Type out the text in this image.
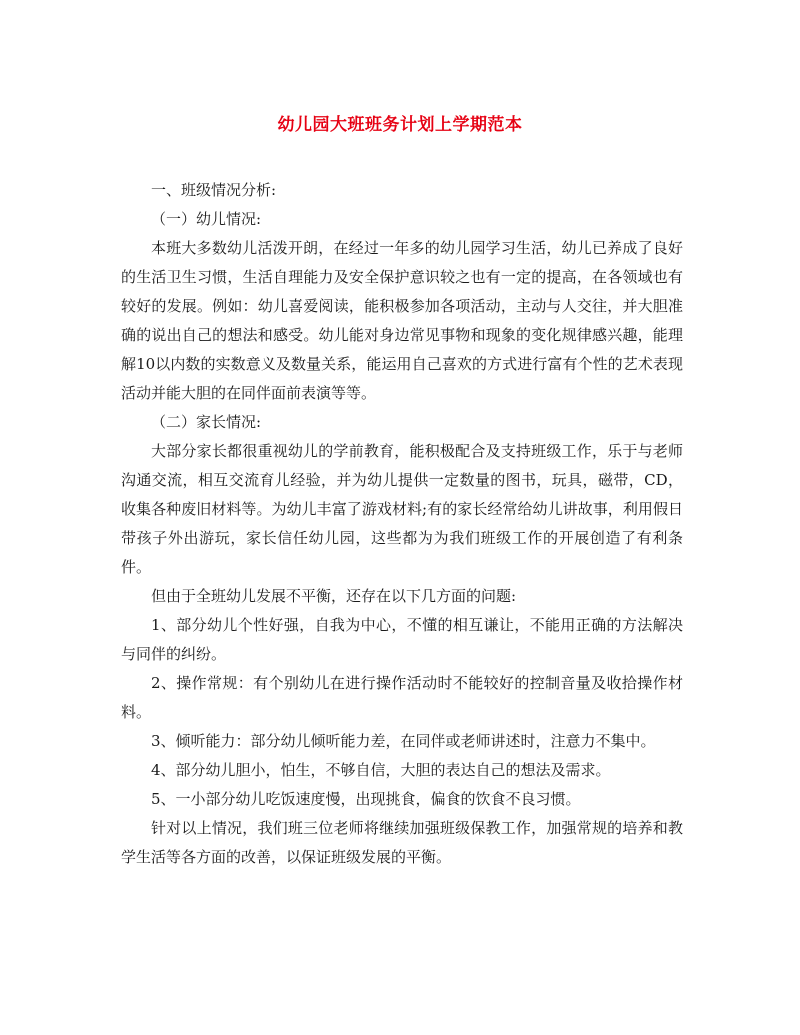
幼儿园大班班务计划上学期范本

一、班级情况分析:

（一）幼儿情况:

本班大多数幼儿活泼开朗，在经过一年多的幼儿园学习生活，幼儿已养成了良好的生活卫生习惯，生活自理能力及安全保护意识较之也有一定的提高，在各领域也有较好的发展。例如：幼儿喜爱阅读，能积极参加各项活动，主动与人交往，并大胆准确的说出自己的想法和感受。幼儿能对身边常见事物和现象的变化规律感兴趣，能理解10以内数的实数意义及数量关系，能运用自己喜欢的方式进行富有个性的艺术表现活动并能大胆的在同伴面前表演等等。

（二）家长情况:

大部分家长都很重视幼儿的学前教育，能积极配合及支持班级工作，乐于与老师沟通交流，相互交流育儿经验，并为幼儿提供一定数量的图书，玩具，磁带，CD，收集各种废旧材料等。为幼儿丰富了游戏材料;有的家长经常给幼儿讲故事，利用假日带孩子外出游玩，家长信任幼儿园，这些都为为我们班级工作的开展创造了有利条件。

但由于全班幼儿发展不平衡，还存在以下几方面的问题:

1、部分幼儿个性好强，自我为中心，不懂的相互谦让，不能用正确的方法解决与同伴的纠纷。

2、操作常规：有个别幼儿在进行操作活动时不能较好的控制音量及收拾操作材料。

3、倾听能力：部分幼儿倾听能力差，在同伴或老师讲述时，注意力不集中。

4、部分幼儿胆小，怕生，不够自信，大胆的表达自己的想法及需求。

5、一小部分幼儿吃饭速度慢，出现挑食，偏食的饮食不良习惯。

针对以上情况，我们班三位老师将继续加强班级保教工作，加强常规的培养和教学生活等各方面的改善，以保证班级发展的平衡。
